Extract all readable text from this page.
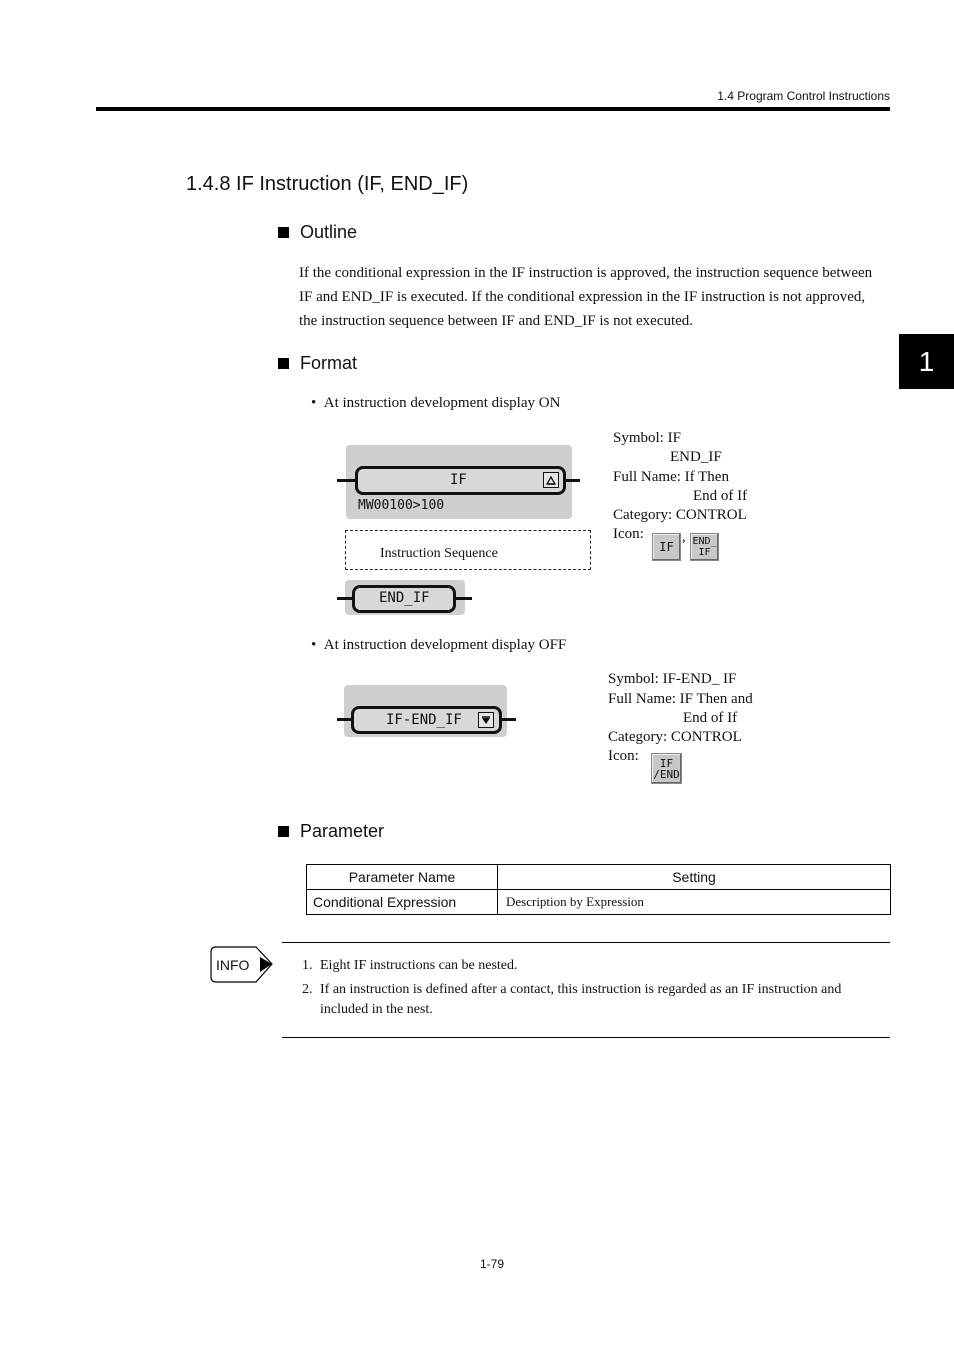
1.4 Program Control Instructions
1
1.4.8 IF Instruction (IF, END_IF)
Outline
If the conditional expression in the IF instruction is approved, the instruction sequence between IF and END_IF is executed. If the conditional expression in the IF instruction is not approved, the instruction sequence between IF and END_IF is not executed.
Format
•  At instruction development display ON
IF
MW00100>100
Instruction Sequence
END_IF
Symbol: IF
END_IF
Full Name: If Then
End of If
Category: CONTROL
Icon:
IF
, END_
IF
•  At instruction development display OFF
IF-END_IF
Symbol: IF-END_ IF
Full Name: IF Then and
End of If
Category: CONTROL
Icon: IF
/END
Parameter
Parameter Name	Setting
Conditional Expression	Description by Expression
INFO	1. Eight IF instructions can be nested.
2. If an instruction is defined after a contact, this instruction is regarded as an IF instruction and included in the nest.
1-79
